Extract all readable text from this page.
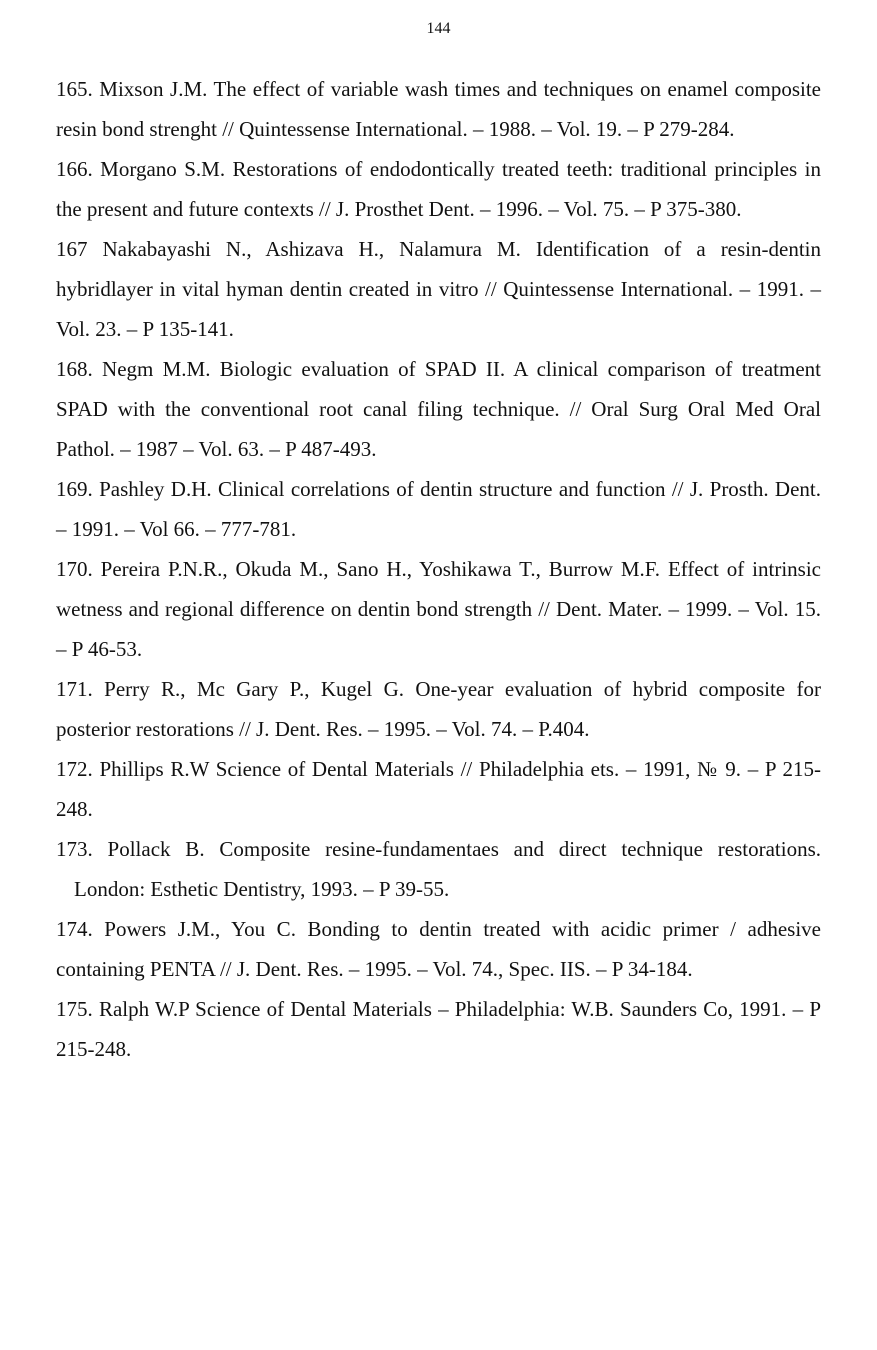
144

165. Mixson J.M. The effect of variable wash times and techniques on enamel composite resin bond strenght // Quintessense International. – 1988. – Vol. 19. – P 279-284.

166. Morgano S.M. Restorations of endodontically treated teeth: traditional principles in the present and future contexts // J. Prosthet Dent. – 1996. – Vol. 75. – P 375-380.

167 Nakabayashi N., Ashizava H., Nalamura M. Identification of a resin-dentin hybridlayer in vital hyman dentin created in vitro // Quintessense International. – 1991. – Vol. 23. – P 135-141.

168. Negm M.M. Biologic evaluation of SPAD II. A clinical comparison of treatment SPAD with the conventional root canal filing technique. // Oral Surg Oral Med Oral Pathol. – 1987 – Vol. 63. – P 487-493.

169. Pashley D.H. Clinical correlations of dentin structure and function // J. Prosth. Dent. – 1991. – Vol 66. – 777-781.

170. Pereira P.N.R., Okuda M., Sano H., Yoshikawa T., Burrow M.F. Effect of intrinsic wetness and regional difference on dentin bond strength // Dent. Mater. – 1999. – Vol. 15. – P 46-53.

171. Perry R., Mc Gary P., Kugel G. One-year evaluation of hybrid composite for posterior restorations // J. Dent. Res. – 1995. – Vol. 74. – P.404.

172. Phillips R.W Science of Dental Materials // Philadelphia ets. – 1991, № 9. – P 215-248.

173. Pollack B. Composite resine-fundamentaes and direct technique restorations. London: Esthetic Dentistry, 1993. – P 39-55.

174. Powers J.M., You C. Bonding to dentin treated with acidic primer / adhesive containing PENTA // J. Dent. Res. – 1995. – Vol. 74., Spec. IIS. – P 34-184.

175. Ralph W.P Science of Dental Materials – Philadelphia: W.B. Saunders Co, 1991. – P 215-248.
